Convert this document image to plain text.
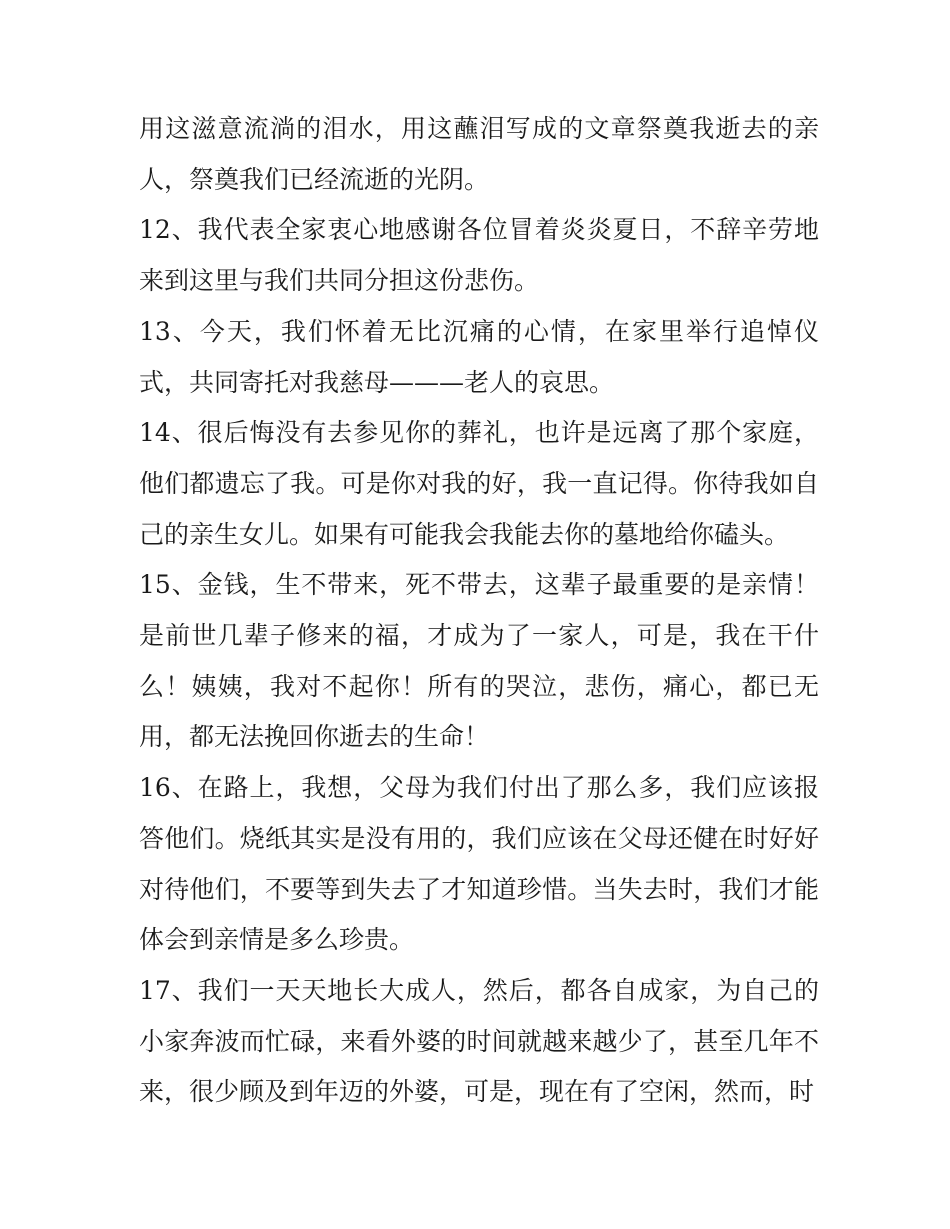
用这滋意流淌的泪水，用这蘸泪写成的文章祭奠我逝去的亲人，祭奠我们已经流逝的光阴。

12、我代表全家衷心地感谢各位冒着炎炎夏日，不辞辛劳地来到这里与我们共同分担这份悲伤。

13、今天，我们怀着无比沉痛的心情，在家里举行追悼仪式，共同寄托对我慈母———老人的哀思。

14、很后悔没有去参见你的葬礼，也许是远离了那个家庭，他们都遗忘了我。可是你对我的好，我一直记得。你待我如自己的亲生女儿。如果有可能我会我能去你的墓地给你磕头。

15、金钱，生不带来，死不带去，这辈子最重要的是亲情！是前世几辈子修来的福，才成为了一家人，可是，我在干什么！姨姨，我对不起你！所有的哭泣，悲伤，痛心，都已无用，都无法挽回你逝去的生命！

16、在路上，我想，父母为我们付出了那么多，我们应该报答他们。烧纸其实是没有用的，我们应该在父母还健在时好好对待他们，不要等到失去了才知道珍惜。当失去时，我们才能体会到亲情是多么珍贵。

17、我们一天天地长大成人，然后，都各自成家，为自己的小家奔波而忙碌，来看外婆的时间就越来越少了，甚至几年不来，很少顾及到年迈的外婆，可是，现在有了空闲，然而，时
